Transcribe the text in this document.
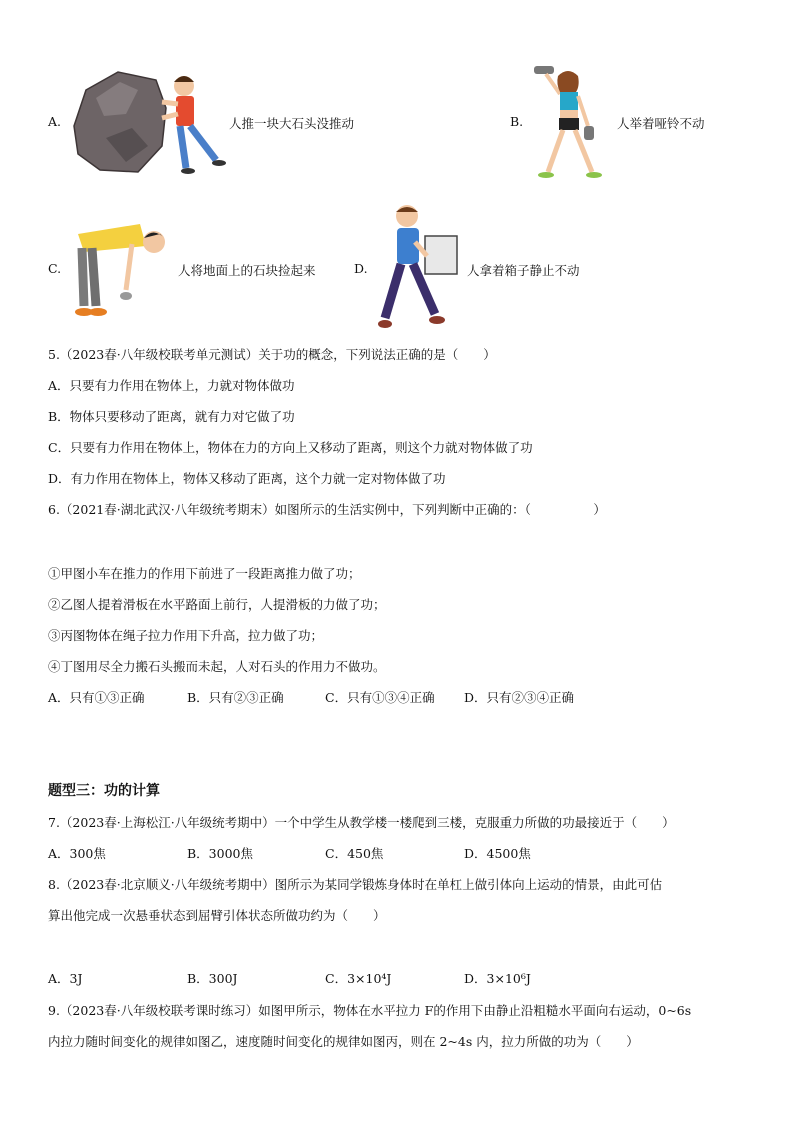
A.	人推一块大石头没推动	B.	人举着哑铃不动
C.	人将地面上的石块捡起来	D.	人拿着箱子静止不动
5.（2023春·八年级校联考单元测试）关于功的概念，下列说法正确的是（　　）
A．只要有力作用在物体上，力就对物体做功
B．物体只要移动了距离，就有力对它做了功
C．只要有力作用在物体上，物体在力的方向上又移动了距离，则这个力就对物体做了功
D．有力作用在物体上，物体又移动了距离，这个力就一定对物体做了功
6.（2021春·湖北武汉·八年级统考期末）如图所示的生活实例中，下列判断中正确的：（　　　　　）
①甲图小车在推力的作用下前进了一段距离推力做了功；
②乙图人提着滑板在水平路面上前行，人提滑板的力做了功；
③丙图物体在绳子拉力作用下升高，拉力做了功；
④丁图用尽全力搬石头搬而未起，人对石头的作用力不做功。
A．只有①③正确	B．只有②③正确	C．只有①③④正确 D．只有②③④正确
题型三：功的计算
7.（2023春·上海松江·八年级统考期中）一个中学生从教学楼一楼爬到三楼，克服重力所做的功最接近于（　　）
A．300焦	B．3000焦	C．450焦	D．4500焦
8.（2023春·北京顺义·八年级统考期中）图所示为某同学锻炼身体时在单杠上做引体向上运动的情景，由此可估
算出他完成一次悬垂状态到屈臂引体状态所做功约为（　　）
A．3J	B．300J	C．3×10⁴J	D．3×10⁶J
9.（2023春·八年级校联考课时练习）如图甲所示，物体在水平拉力 F的作用下由静止沿粗糙水平面向右运动，0~6s
内拉力随时间变化的规律如图乙，速度随时间变化的规律如图丙，则在 2~4s 内，拉力所做的功为（　　）
